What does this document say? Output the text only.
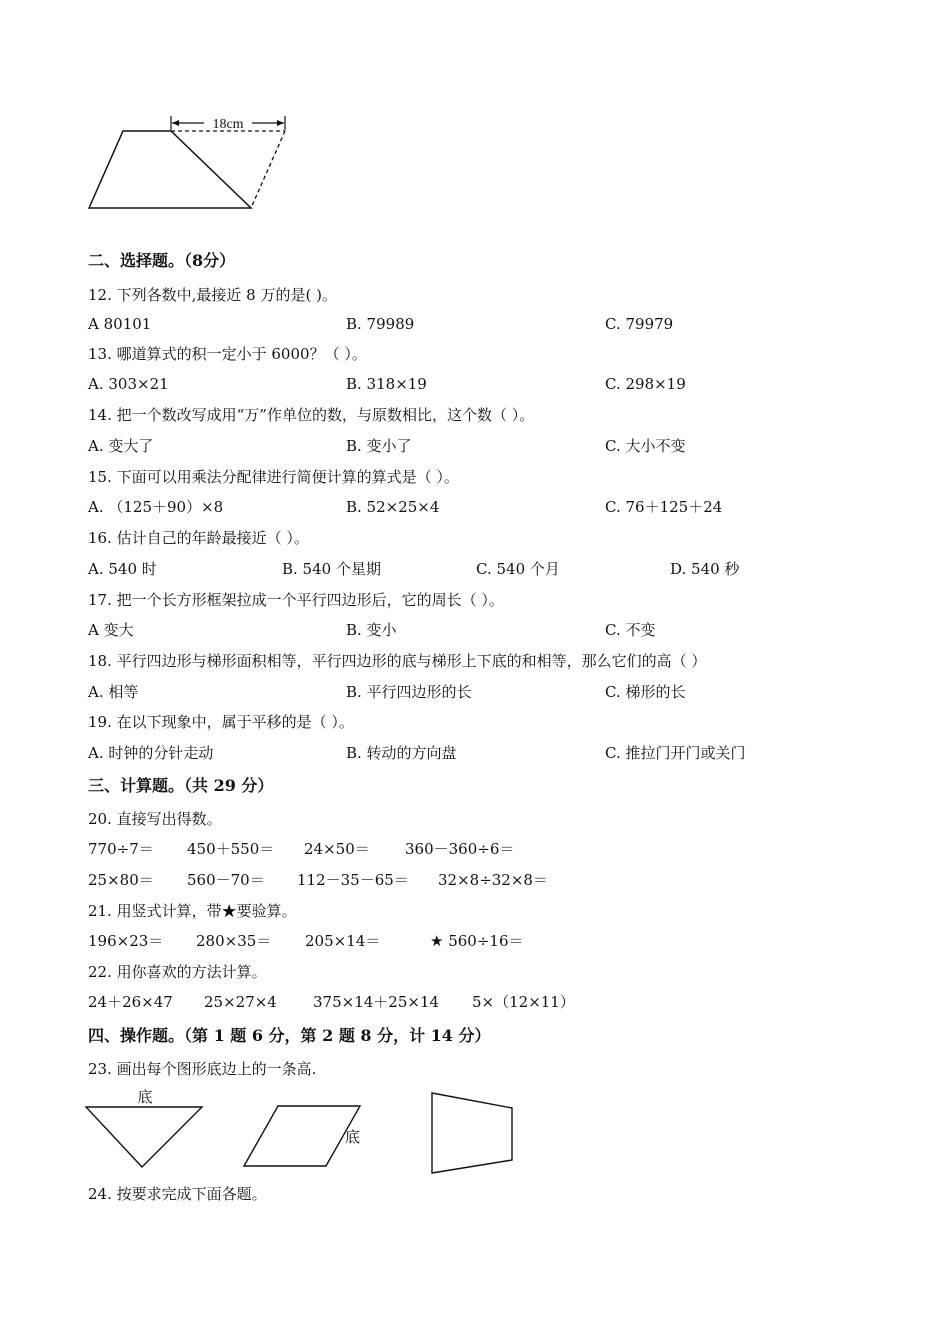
18cm
二、选择题。（8分）
12. 下列各数中,最接近 8 万的是( )。
A 80101	B. 79989	C. 79979
13. 哪道算式的积一定小于 6000？（ ）。
A. 303×21	B. 318×19	C. 298×19
14. 把一个数改写成用“万”作单位的数，与原数相比，这个数（ ）。
A. 变大了	B. 变小了	C. 大小不变
15. 下面可以用乘法分配律进行简便计算的算式是（ ）。
A. （125＋90）×8	B. 52×25×4	C. 76＋125＋24
16. 估计自己的年龄最接近（ ）。
A. 540 时	B. 540 个星期	C. 540 个月	D. 540 秒
17. 把一个长方形框架拉成一个平行四边形后，它的周长（ ）。
A 变大	B. 变小	C. 不变
18. 平行四边形与梯形面积相等，平行四边形的底与梯形上下底的和相等，那么它们的高（ ）
A. 相等	B. 平行四边形的长	C. 梯形的长
19. 在以下现象中，属于平移的是（ ）。
A. 时钟的分针走动	B. 转动的方向盘	C. 推拉门开门或关门
三、计算题。（共 29 分）
20. 直接写出得数。
770÷7＝ 450＋550＝ 24×50＝ 360－360÷6＝
25×80＝ 560－70＝ 112－35－65＝ 32×8÷32×8＝
21. 用竖式计算，带★要验算。
196×23＝ 280×35＝ 205×14＝	★ 560÷16＝
22. 用你喜欢的方法计算。
24＋26×47 25×27×4 375×14＋25×14 5×（12×11）
四、操作题。（第 1 题 6 分，第 2 题 8 分，计 14 分）
23. 画出每个图形底边上的一条高.
底
底
24. 按要求完成下面各题。
